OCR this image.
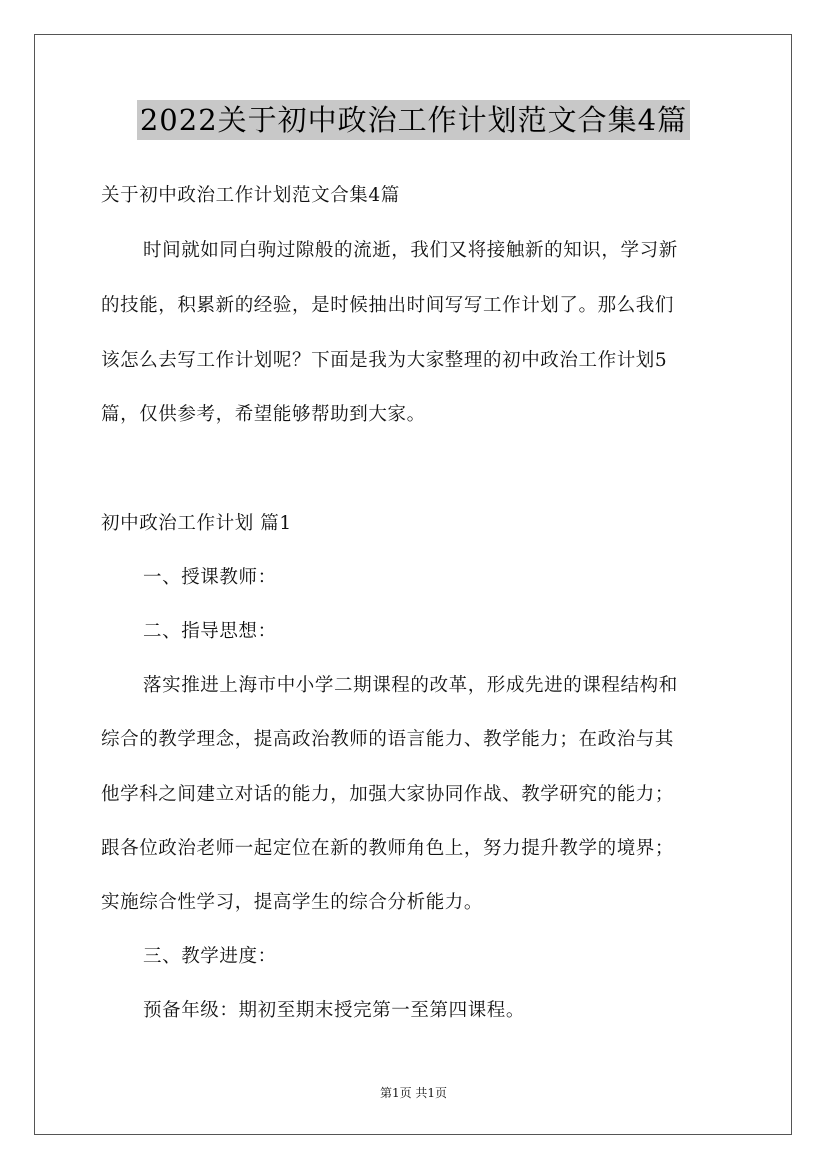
2022关于初中政治工作计划范文合集4篇
关于初中政治工作计划范文合集4篇
时间就如同白驹过隙般的流逝，我们又将接触新的知识，学习新
的技能，积累新的经验，是时候抽出时间写写工作计划了。那么我们
该怎么去写工作计划呢？下面是我为大家整理的初中政治工作计划5
篇，仅供参考，希望能够帮助到大家。
初中政治工作计划 篇1
一、授课教师：
二、指导思想：
落实推进上海市中小学二期课程的改革，形成先进的课程结构和
综合的教学理念，提高政治教师的语言能力、教学能力；在政治与其
他学科之间建立对话的能力，加强大家协同作战、教学研究的能力；
跟各位政治老师一起定位在新的教师角色上，努力提升教学的境界；
实施综合性学习，提高学生的综合分析能力。
三、教学进度：
预备年级：期初至期末授完第一至第四课程。
第1页 共1页
